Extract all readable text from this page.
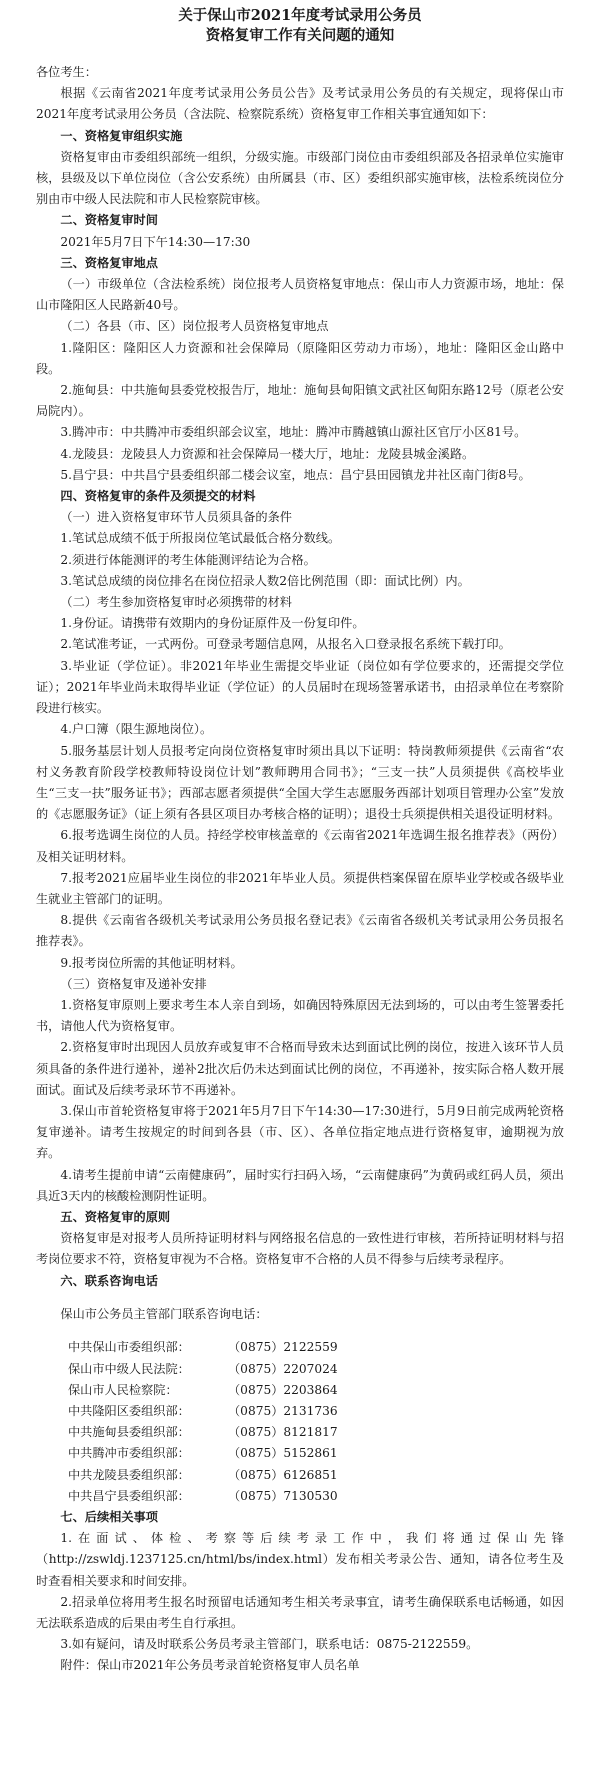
关于保山市2021年度考试录用公务员

资格复审工作有关问题的通知

各位考生：

根据《云南省2021年度考试录用公务员公告》及考试录用公务员的有关规定，现将保山市2021年度考试录用公务员（含法院、检察院系统）资格复审工作相关事宜通知如下：

一、资格复审组织实施

资格复审由市委组织部统一组织，分级实施。市级部门岗位由市委组织部及各招录单位实施审核，县级及以下单位岗位（含公安系统）由所属县（市、区）委组织部实施审核，法检系统岗位分别由市中级人民法院和市人民检察院审核。

二、资格复审时间

2021年5月7日下午14:30—17:30

三、资格复审地点

（一）市级单位（含法检系统）岗位报考人员资格复审地点：保山市人力资源市场，地址：保山市隆阳区人民路新40号。

（二）各县（市、区）岗位报考人员资格复审地点

1.隆阳区：隆阳区人力资源和社会保障局（原隆阳区劳动力市场），地址：隆阳区金山路中段。

2.施甸县：中共施甸县委党校报告厅，地址：施甸县甸阳镇文武社区甸阳东路12号（原老公安局院内）。

3.腾冲市：中共腾冲市委组织部会议室，地址：腾冲市腾越镇山源社区官厅小区81号。

4.龙陵县：龙陵县人力资源和社会保障局一楼大厅，地址：龙陵县城金溪路。

5.昌宁县：中共昌宁县委组织部二楼会议室，地点：昌宁县田园镇龙井社区南门街8号。

四、资格复审的条件及须提交的材料

（一）进入资格复审环节人员须具备的条件

1.笔试总成绩不低于所报岗位笔试最低合格分数线。

2.须进行体能测评的考生体能测评结论为合格。

3.笔试总成绩的岗位排名在岗位招录人数2倍比例范围（即：面试比例）内。

（二）考生参加资格复审时必须携带的材料

1.身份证。请携带有效期内的身份证原件及一份复印件。

2.笔试准考证，一式两份。可登录考题信息网，从报名入口登录报名系统下载打印。

3.毕业证（学位证）。非2021年毕业生需提交毕业证（岗位如有学位要求的，还需提交学位证）；2021年毕业尚未取得毕业证（学位证）的人员届时在现场签署承诺书，由招录单位在考察阶段进行核实。

4.户口簿（限生源地岗位）。

5.服务基层计划人员报考定向岗位资格复审时须出具以下证明：特岗教师须提供《云南省“农村义务教育阶段学校教师特设岗位计划”教师聘用合同书》；“三支一扶”人员须提供《高校毕业生“三支一扶”服务证书》；西部志愿者须提供“全国大学生志愿服务西部计划项目管理办公室”发放的《志愿服务证》（证上须有各县区项目办考核合格的证明）；退役士兵须提供相关退役证明材料。

6.报考选调生岗位的人员。持经学校审核盖章的《云南省2021年选调生报名推荐表》（两份）及相关证明材料。

7.报考2021应届毕业生岗位的非2021年毕业人员。须提供档案保留在原毕业学校或各级毕业生就业主管部门的证明。

8.提供《云南省各级机关考试录用公务员报名登记表》《云南省各级机关考试录用公务员报名推荐表》。

9.报考岗位所需的其他证明材料。

（三）资格复审及递补安排

1.资格复审原则上要求考生本人亲自到场，如确因特殊原因无法到场的，可以由考生签署委托书，请他人代为资格复审。

2.资格复审时出现因人员放弃或复审不合格而导致未达到面试比例的岗位，按进入该环节人员须具备的条件进行递补，递补2批次后仍未达到面试比例的岗位，不再递补，按实际合格人数开展面试。面试及后续考录环节不再递补。

3.保山市首轮资格复审将于2021年5月7日下午14:30—17:30进行，5月9日前完成两轮资格复审递补。请考生按规定的时间到各县（市、区）、各单位指定地点进行资格复审，逾期视为放弃。

4.请考生提前申请“云南健康码”，届时实行扫码入场，“云南健康码”为黄码或红码人员，须出具近3天内的核酸检测阴性证明。

五、资格复审的原则

资格复审是对报考人员所持证明材料与网络报名信息的一致性进行审核，若所持证明材料与招考岗位要求不符，资格复审视为不合格。资格复审不合格的人员不得参与后续考录程序。

六、联系咨询电话

保山市公务员主管部门联系咨询电话：

中共保山市委组织部：	（0875）2122559
保山市中级人民法院：	（0875）2207024
保山市人民检察院：	（0875）2203864
中共隆阳区委组织部：	（0875）2131736
中共施甸县委组织部：	（0875）8121817
中共腾冲市委组织部：	（0875）5152861
中共龙陵县委组织部：	（0875）6126851
中共昌宁县委组织部：	（0875）7130530

七、后续相关事项

1.在面试、体检、考察等后续考录工作中，我们将通过保山先锋（http://zswldj.1237125.cn/html/bs/index.html）发布相关考录公告、通知，请各位考生及时查看相关要求和时间安排。

2.招录单位将用考生报名时预留电话通知考生相关考录事宜，请考生确保联系电话畅通，如因无法联系造成的后果由考生自行承担。

3.如有疑问，请及时联系公务员考录主管部门，联系电话：0875-2122559。

附件：保山市2021年公务员考录首轮资格复审人员名单
